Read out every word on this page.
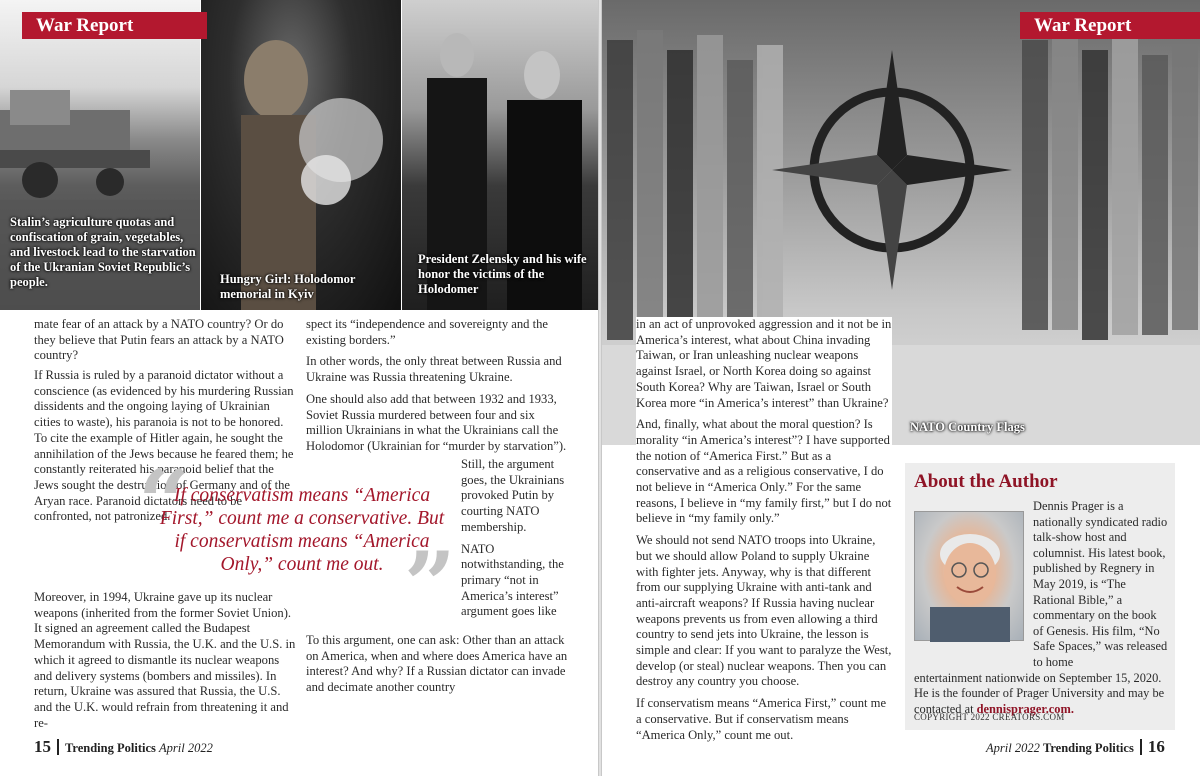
War Report
Stalin’s agriculture quotas and confiscation of grain, vegetables, and livestock lead to the starvation of the Ukranian Soviet Republic’s people.	Hungry Girl: Holodomor memorial in Kyiv
President Zelensky and his wife honor the victims of the Holodomer

mate fear of an attack by a NATO country? Or do they believe that Putin fears an attack by a NATO country?

If Russia is ruled by a paranoid dictator without a conscience (as evidenced by his murdering Russian dissidents and the ongoing laying of Ukrainian cities to waste), his paranoia is not to be honored. To cite the example of Hitler again, he sought the annihilation of the Jews because he feared them; he constantly reiterated his paranoid belief that the Jews sought the destruction of Germany and of the Aryan race. Paranoid dictators need to be confronted, not patronized.

spect its “independence and sovereignty and the existing borders.”

In other words, the only threat between Russia and Ukraine was Russia threatening Ukraine.

One should also add that between 1932 and 1933, Soviet Russia murdered between four and six million Ukrainians in what the Ukrainians call the Holodomor (Ukrainian for “murder by starvation”).

“
If conservatism means “America First,” count me a conservative. But if conservatism means “America Only,” count me out. ”

Still, the argument goes, the Ukrainians provoked Putin by courting NATO membership.

NATO notwithstanding, the primary “not in America’s interest” argument goes like

To this argument, one can ask: Other than an attack on America, when and where does America have an interest? And why? If a Russian dictator can invade and decimate another country

Moreover, in 1994, Ukraine gave up its nuclear weapons (inherited from the former Soviet Union). It signed an agreement called the Budapest Memorandum with Russia, the U.K. and the U.S. in which it agreed to dismantle its nuclear weapons and delivery systems (bombers and missiles). In return, Ukraine was assured that Russia, the U.S. and the U.K. would refrain from threatening it and re-

15 Trending Politics April 2022
War Report
NATO Country Flags

in an act of unprovoked aggression and it not be in America’s interest, what about China invading Taiwan, or Iran unleashing nuclear weapons against Israel, or North Korea doing so against South Korea? Why are Taiwan, Israel or South Korea more “in America’s interest” than Ukraine?

And, finally, what about the moral question? Is morality “in America’s interest”? I have supported the notion of “America First.” But as a conservative and as a religious conservative, I do not believe in “America Only.” For the same reasons, I believe in “my family first,” but I do not believe in “my family only.”

We should not send NATO troops into Ukraine, but we should allow Poland to supply Ukraine with fighter jets. Anyway, why is that different from our supplying Ukraine with anti-tank and anti-aircraft weapons? If Russia having nuclear weapons prevents us from even allowing a third country to send jets into Ukraine, the lesson is simple and clear: If you want to paralyze the West, develop (or steal) nuclear weapons. Then you can destroy any country you choose.

If conservatism means “America First,” count me a conservative. But if conservatism means “America Only,” count me out.

About the Author
Dennis Prager is a nationally syndicated radio talk-show host and columnist. His latest book, published by Regnery in May 2019, is “The Rational Bible,” a commentary on the book of Genesis. His film, “No Safe Spaces,” was released to home
entertainment nationwide on September 15, 2020. He is the founder of Prager University and may be contacted at dennisprager.com.
COPYRIGHT 2022 CREATORS.COM
April 2022 Trending Politics 16
